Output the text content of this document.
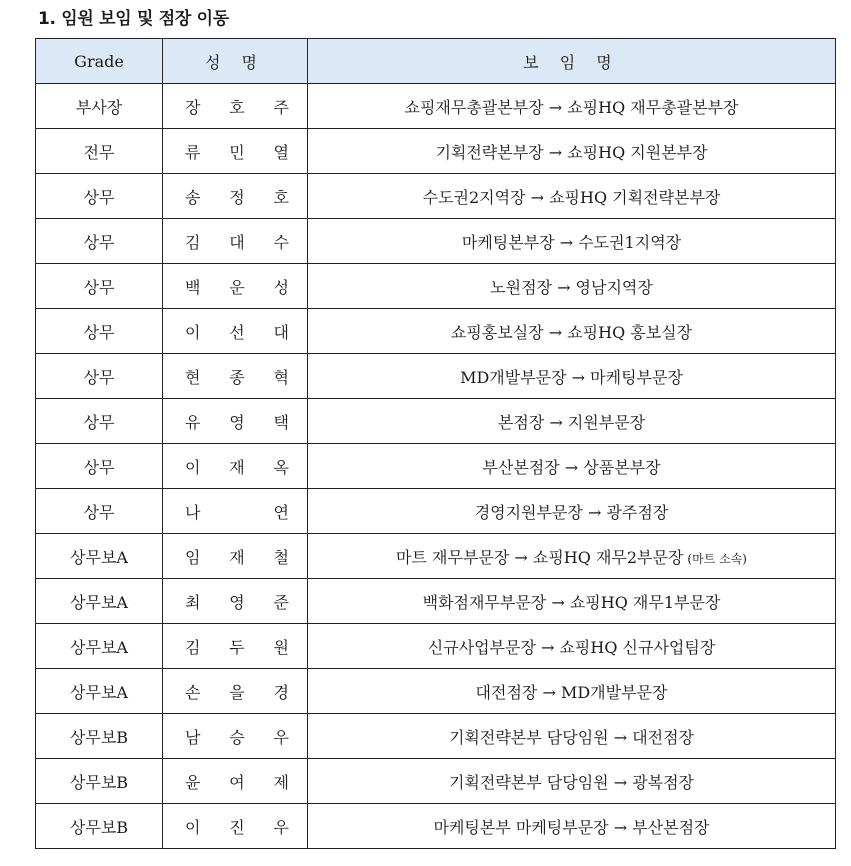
1. 임원 보임 및 점장 이동
Grade	성 명	보 임 명
부사장	장 호 주	쇼핑재무총괄본부장 → 쇼핑HQ 재무총괄본부장
전무	류 민 열	기획전략본부장 → 쇼핑HQ 지원본부장
상무	송 정 호	수도권2지역장 → 쇼핑HQ 기획전략본부장
상무	김 대 수	마케팅본부장 → 수도권1지역장
상무	백 운 성	노원점장 → 영남지역장
상무	이 선 대	쇼핑홍보실장 → 쇼핑HQ 홍보실장
상무	현 종 혁	MD개발부문장 → 마케팅부문장
상무	유 영 택	본점장 → 지원부문장
상무	이 재 옥	부산본점장 → 상품본부장
상무	나 연	경영지원부문장 → 광주점장
상무보A	임 재 철	마트 재무부문장 → 쇼핑HQ 재무2부문장 (마트 소속)
상무보A	최 영 준	백화점재무부문장 → 쇼핑HQ 재무1부문장
상무보A	김 두 원	신규사업부문장 → 쇼핑HQ 신규사업팀장
상무보A	손 을 경	대전점장 → MD개발부문장
상무보B	남 승 우	기획전략본부 담당임원 → 대전점장
상무보B	윤 여 제	기획전략본부 담당임원 → 광복점장
상무보B	이 진 우	마케팅본부 마케팅부문장 → 부산본점장
